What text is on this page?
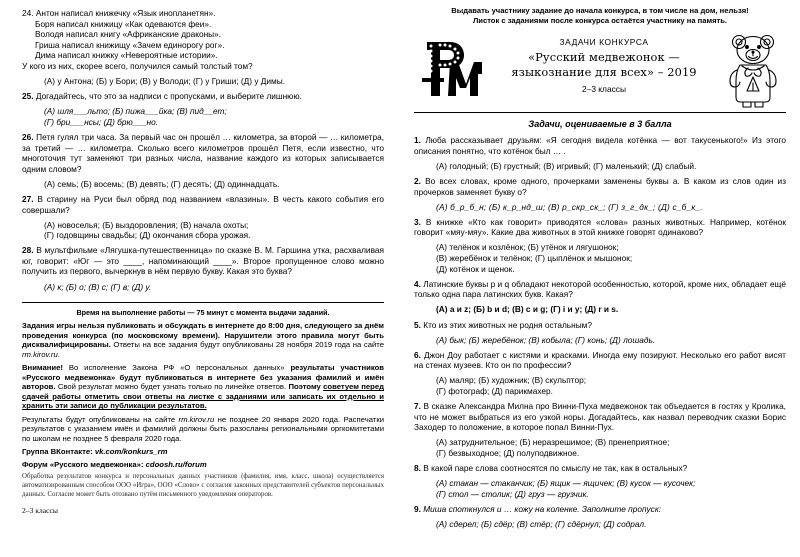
24. Антон написал книжечку «Язык инопланетян».

Боря написал книжицу «Как одеваются феи».

Володя написал книгу «Африканские драконы».

Гриша написал книжищу «Зачем единорогу рог».

Дима написал книжку «Невероятные истории».

У кого из них, скорее всего, получился самый толстый том?

(А) у Антона; (Б) у Бори; (В) у Володи; (Г) у Гриши; (Д) у Димы.

25. Догадайтесь, что это за надписи с пропусками, и выберите лишнюю.

(А) шля___льто; (Б) пижа___йка; (В) пид__ет;
(Г) бри___нсы; (Д) брю___но.

26. Петя гулял три часа. За первый час он прошёл … километра, за второй — … километра, за третий — … километра. Сколько всего километров прошёл Петя, если известно, что многоточия тут заменяют три разных числа, название каждого из которых записывается одним словом?

(А) семь; (Б) восемь; (В) девять; (Г) десять; (Д) одиннадцать.

27. В старину на Руси был обряд под названием «влазины». В честь какого события его совершали?

(А) новоселья; (Б) выздоровления; (В) начала охоты;
(Г) годовщины свадьбы; (Д) окончания сбора урожая.

28. В мультфильме «Лягушка-путешественница» по сказке В. М. Гаршина утка, расхваливая юг, говорит: «Юг — это ____, напоминающий ____». Второе пропущенное слово можно получить из первого, вычеркнув в нём первую букву. Какая это буква?

(А) к; (Б) о; (В) с; (Г) в; (Д) у.

Время на выполнение работы — 75 минут с момента выдачи заданий.

Задания игры нельзя публиковать и обсуждать в интернете до 8:00 дня, следующего за днём проведения конкурса (по московскому времени). Нарушители этого правила могут быть дисквалифицированы. Ответы на все задания будут опубликованы 28 ноября 2019 года на сайте rm.kirov.ru.

Внимание! Во исполнение Закона РФ «О персональных данных» результаты участников «Русского медвежонка» будут публиковаться в интернете без указания фамилий и имён авторов. Свой результат можно будет узнать только по линейке ответов. Поэтому советуем перед сдачей работы отметить свои ответы на листке с заданиями или записать их отдельно и хранить эти записи до публикации результатов.

Результаты будут опубликованы на сайте rm.kirov.ru не позднее 20 января 2020 года. Распечатки результатов с указанием имён и фамилий должны быть разосланы региональными оргкомитетами по школам не позднее 5 февраля 2020 года.

Группа ВКонтакте: vk.com/konkurs_rm

Форум «Русского медвежонка»: cdoosh.ru/forum

Обработка результатов конкурса и персональных данных участников (фамилия, имя, класс, школа) осуществляется автоматизированным способом ООО «Игра», ООО «Слово» с согласия законных представителей субъектов персональных данных. Согласие может быть отозвано путём письменного уведомления операторов.

2–3 классы

Выдавать участнику задание до начала конкурса, в том числе на дом, нельзя!
Листок с заданиями после конкурса остаётся участнику на память.

ЗАДАЧИ КОНКУРСА

«Русский медвежонок —

языкознание для всех» – 2019

2–3 классы

Задачи, оцениваемые в 3 балла

1. Люба рассказывает друзьям: «Я сегодня видела котёнка — вот такусенького!» Из этого описания понятно, что котёнок был … .

(А) голодный; (Б) грустный; (В) игривый; (Г) маленький; (Д) слабый.

2. Во всех словах, кроме одного, прочерками заменены буквы а. В каком из слов один из прочерков заменяет букву о?

(А) б_р_б_н; (Б) к_р_нд_ш; (В) р_скр_ск_; (Г) з_г_дк_; (Д) с_б_к_.

3. В книжке «Кто как говорит» приводятся «слова» разных животных. Например, котёнок говорит «мяу-мяу». Какие два животных в этой книжке говорят одинаково?

(А) телёнок и козлёнок; (Б) утёнок и лягушонок;
(В) жеребёнок и телёнок; (Г) цыплёнок и мышонок;
(Д) котёнок и щенок.

4. Латинские буквы p и q обладают некоторой особенностью, которой, кроме них, обладает ещё только одна пара латинских букв. Какая?

(А) a и z; (Б) b и d; (В) c и g; (Г) i и y; (Д) r и s.

5. Кто из этих животных не родня остальным?

(А) бык; (Б) жеребёнок; (В) кобыла; (Г) конь; (Д) лошадь.

6. Джон Доу работает с кистями и красками. Иногда ему позируют. Несколько его работ висят на стенах музеев. Кто он по профессии?

(А) маляр; (Б) художник; (В) скульптор;
(Г) фотограф; (Д) парикмахер.

7. В сказке Александра Милна про Винни-Пуха медвежонок так объедается в гостях у Кролика, что не может выбраться из его узкой норы. Догадайтесь, как назвал переводчик сказки Борис Заходер то положение, в которое попал Винни-Пух.

(А) затруднительное; (Б) неразрешимое; (В) пренеприятное;
(Г) безвыходное; (Д) полуподвижное.

8. В какой паре слова соотносятся по смыслу не так, как в остальных?

(А) стакан — стаканчик; (Б) ящик — ящичек; (В) кусок — кусочек;
(Г) стол — столик; (Д) груз — грузчик.

9. Миша споткнулся и … кожу на коленке. Заполните пропуск:

(А) сдерел; (Б) сдёр; (В) стёр; (Г) сдёрнул; (Д) содрал.
